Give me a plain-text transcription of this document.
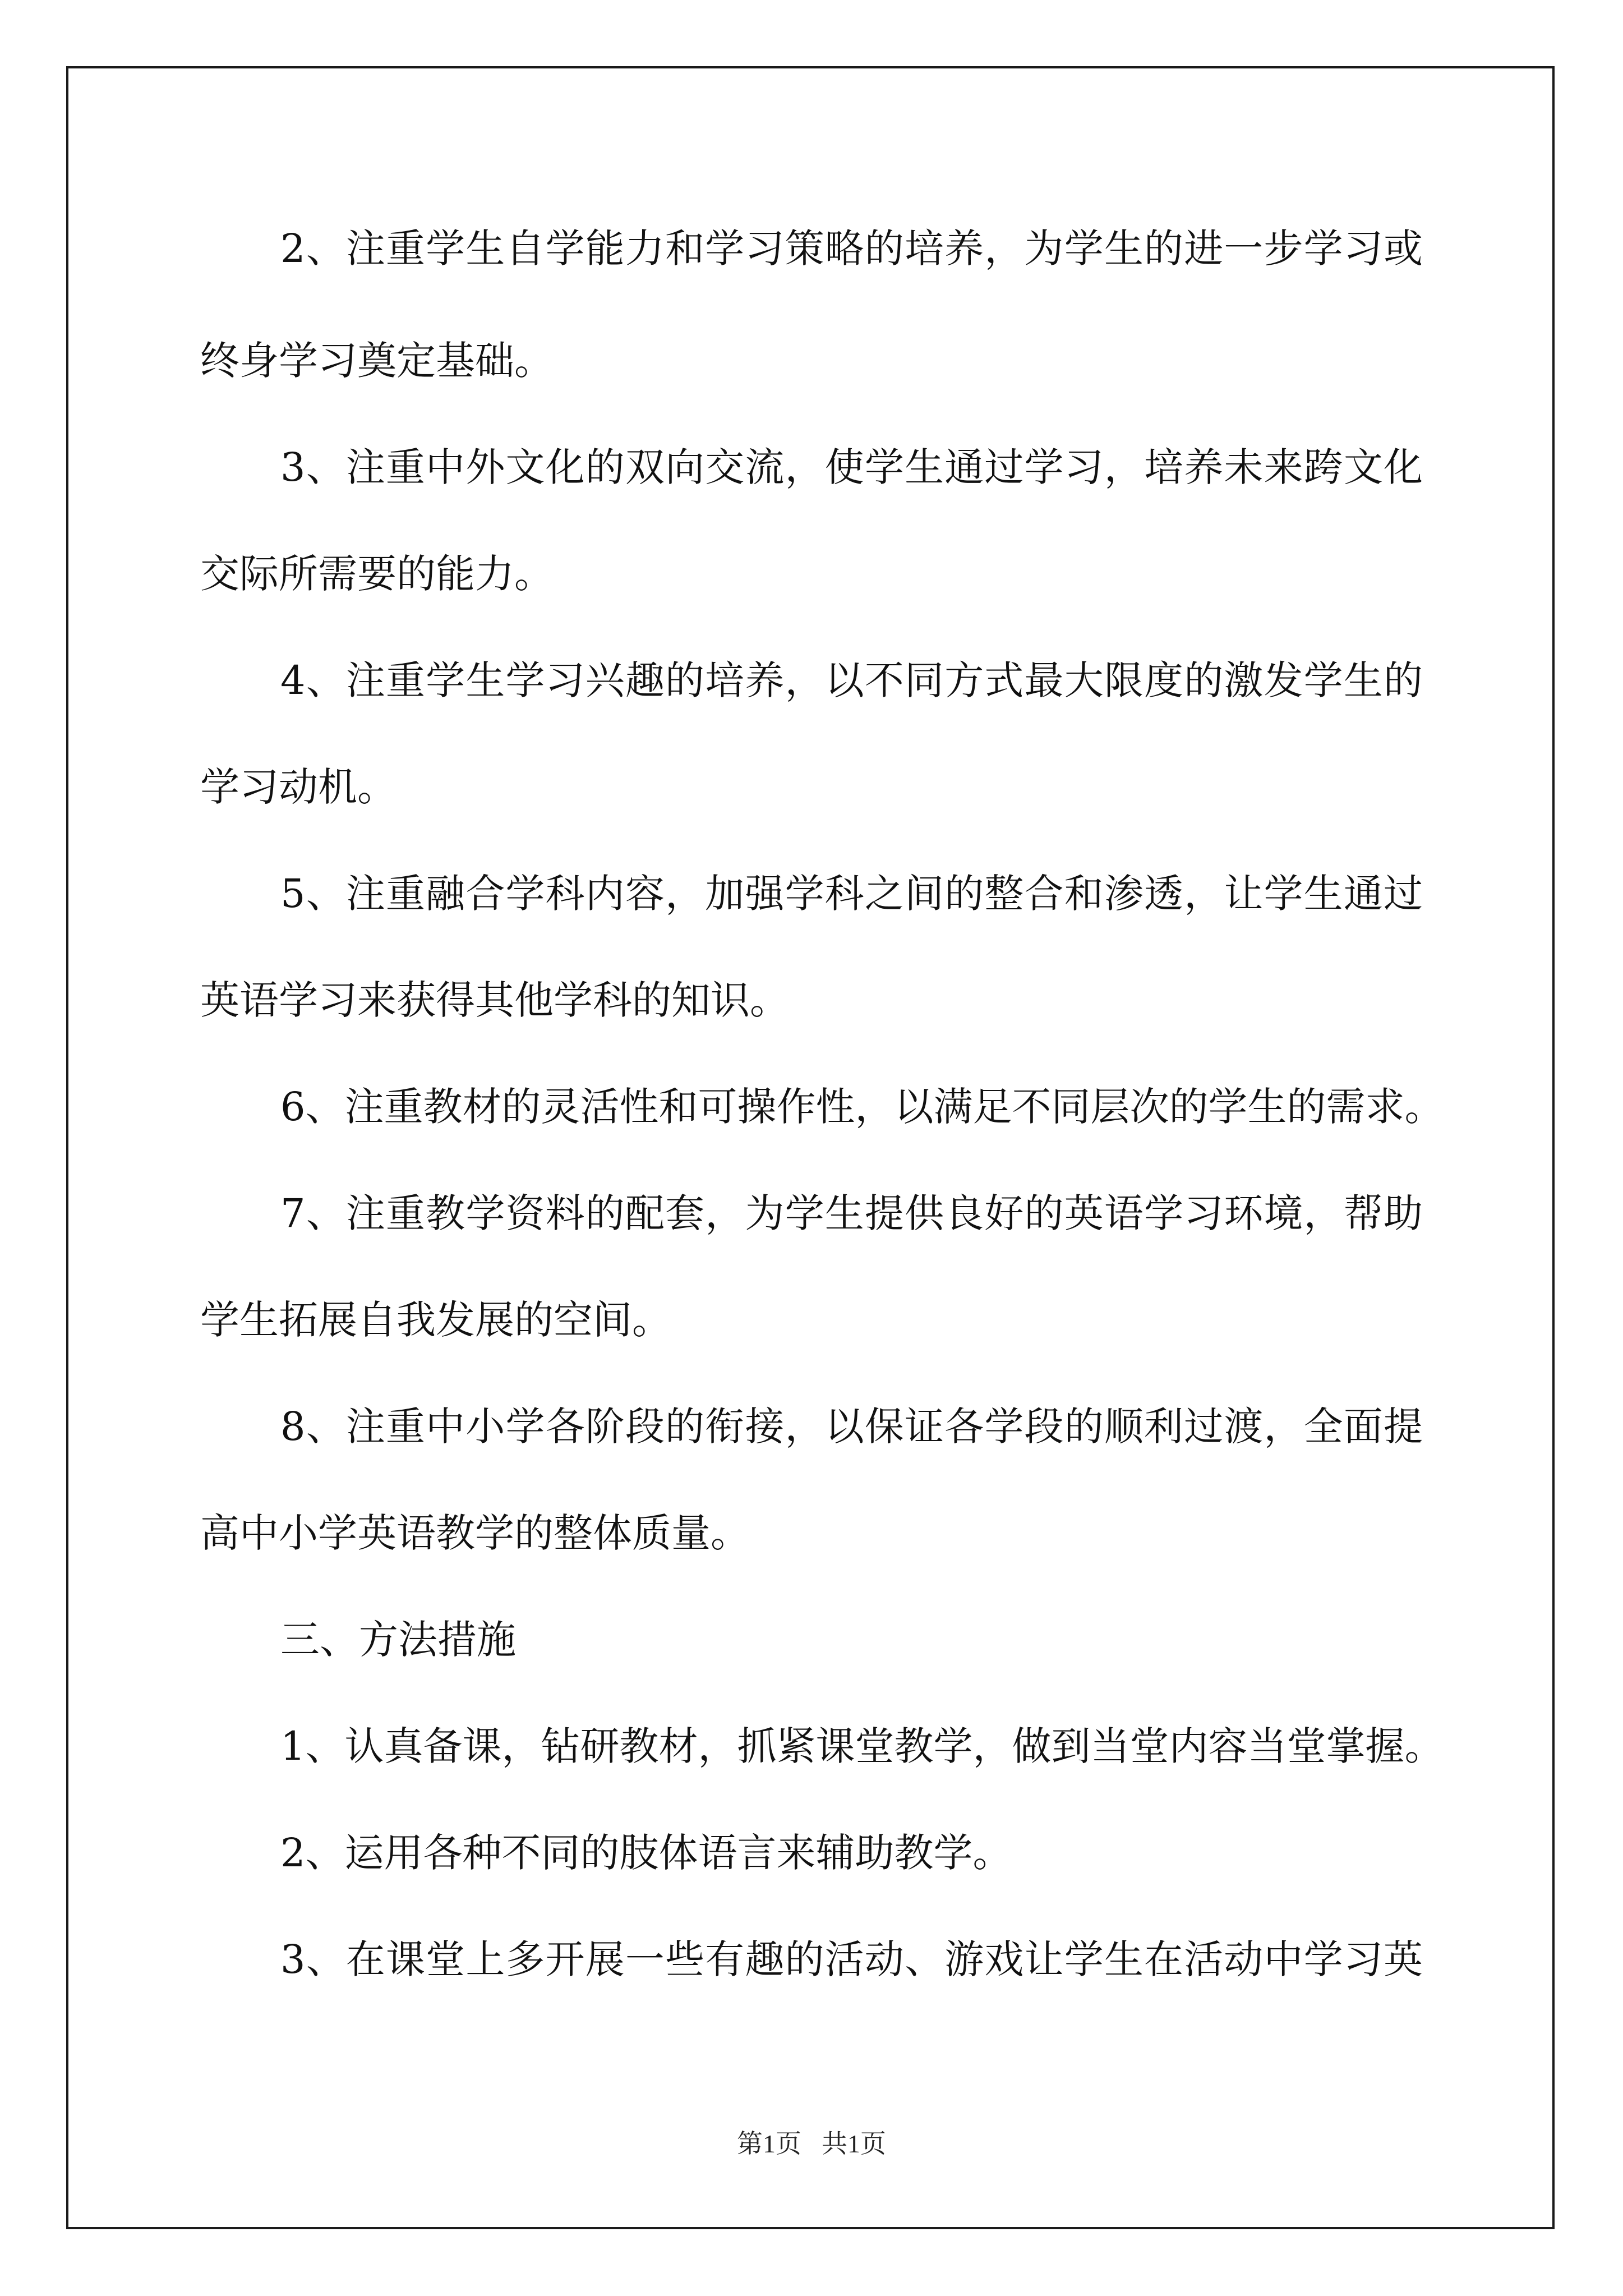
2、注重学生自学能力和学习策略的培养，为学生的进一步学习或
终身学习奠定基础。
3、注重中外文化的双向交流，使学生通过学习，培养未来跨文化
交际所需要的能力。
4、注重学生学习兴趣的培养，以不同方式最大限度的激发学生的
学习动机。
5、注重融合学科内容，加强学科之间的整合和渗透，让学生通过
英语学习来获得其他学科的知识。
6、注重教材的灵活性和可操作性，以满足不同层次的学生的需求。
7、注重教学资料的配套，为学生提供良好的英语学习环境，帮助
学生拓展自我发展的空间。
8、注重中小学各阶段的衔接，以保证各学段的顺利过渡，全面提
高中小学英语教学的整体质量。
三、方法措施
1、认真备课，钻研教材，抓紧课堂教学，做到当堂内容当堂掌握。
2、运用各种不同的肢体语言来辅助教学。
3、在课堂上多开展一些有趣的活动、游戏让学生在活动中学习英
第1页 共1页
